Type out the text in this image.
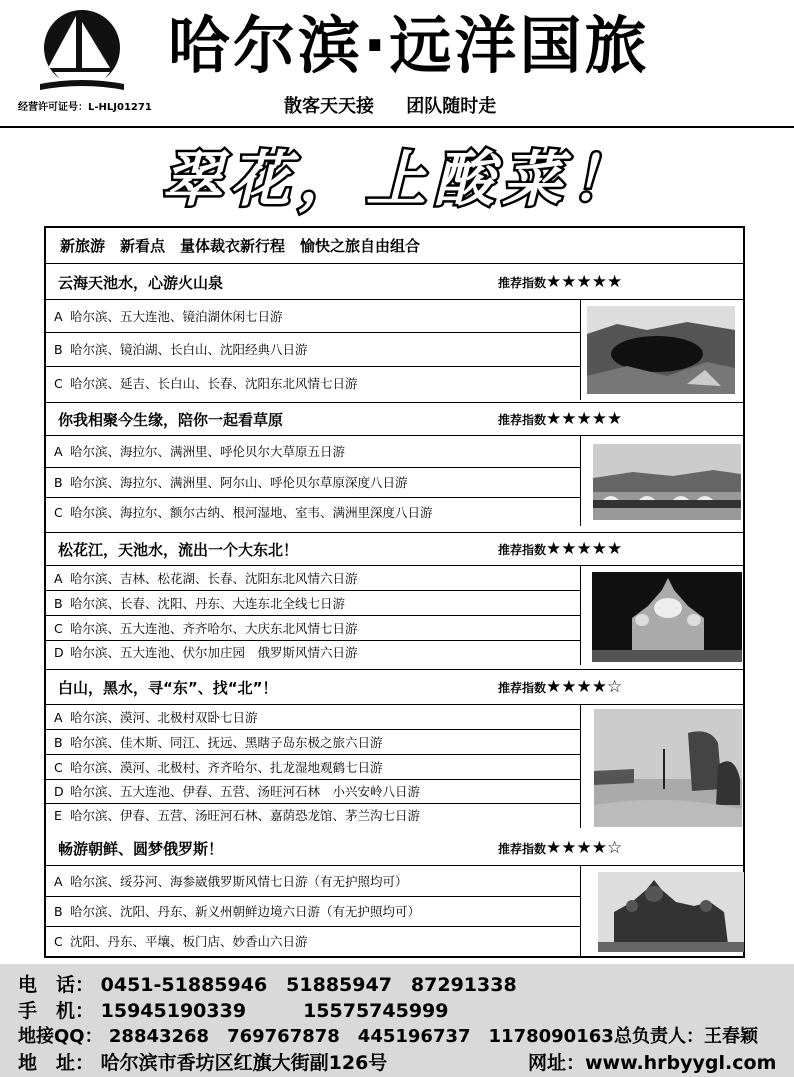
经营许可证号：L-HLJ01271
哈尔滨·远洋国旅
散客天天接 团队随时走
翠花，上酸菜！
新旅游　新看点　量体裁衣新行程　愉快之旅自由组合
云海天池水，心游火山泉	推荐指数★★★★★
A 哈尔滨、五大连池、镜泊湖休闲七日游
B 哈尔滨、镜泊湖、长白山、沈阳经典八日游
C 哈尔滨、延吉、长白山、长春、沈阳东北风情七日游
你我相聚今生缘，陪你一起看草原	推荐指数★★★★★
A 哈尔滨、海拉尔、满洲里、呼伦贝尔大草原五日游
B 哈尔滨、海拉尔、满洲里、阿尔山、呼伦贝尔草原深度八日游
C 哈尔滨、海拉尔、额尔古纳、根河湿地、室韦、满洲里深度八日游
松花江，天池水，流出一个大东北！	推荐指数★★★★★
A 哈尔滨、吉林、松花湖、长春、沈阳东北风情六日游
B 哈尔滨、长春、沈阳、丹东、大连东北全线七日游
C 哈尔滨、五大连池、齐齐哈尔、大庆东北风情七日游
D 哈尔滨、五大连池、伏尔加庄园　俄罗斯风情六日游
白山，黑水，寻“东”、找“北”！	推荐指数★★★★☆
A 哈尔滨、漠河、北极村双卧七日游
B 哈尔滨、佳木斯、同江、抚远、黑瞎子岛东极之旅六日游
C 哈尔滨、漠河、北极村、齐齐哈尔、扎龙湿地观鹤七日游
D 哈尔滨、五大连池、伊春、五营、汤旺河石林　小兴安岭八日游
E 哈尔滨、伊春、五营、汤旺河石林、嘉荫恐龙馆、茅兰沟七日游
畅游朝鲜、圆梦俄罗斯！	推荐指数★★★★☆
A 哈尔滨、绥芬河、海参崴俄罗斯风情七日游（有无护照均可）
B 哈尔滨、沈阳、丹东、新义州朝鲜边境六日游（有无护照均可）
C 沈阳、丹东、平壤、板门店、妙香山六日游
电　话： 0451-51885946　51885947　87291338
手　机： 15945190339　　　15575745999
地接QQ： 28843268　769767878　445196737　1178090163 总负责人：王春颖
地　址： 哈尔滨市香坊区红旗大街副126号	网址：www.hrbyygl.com
